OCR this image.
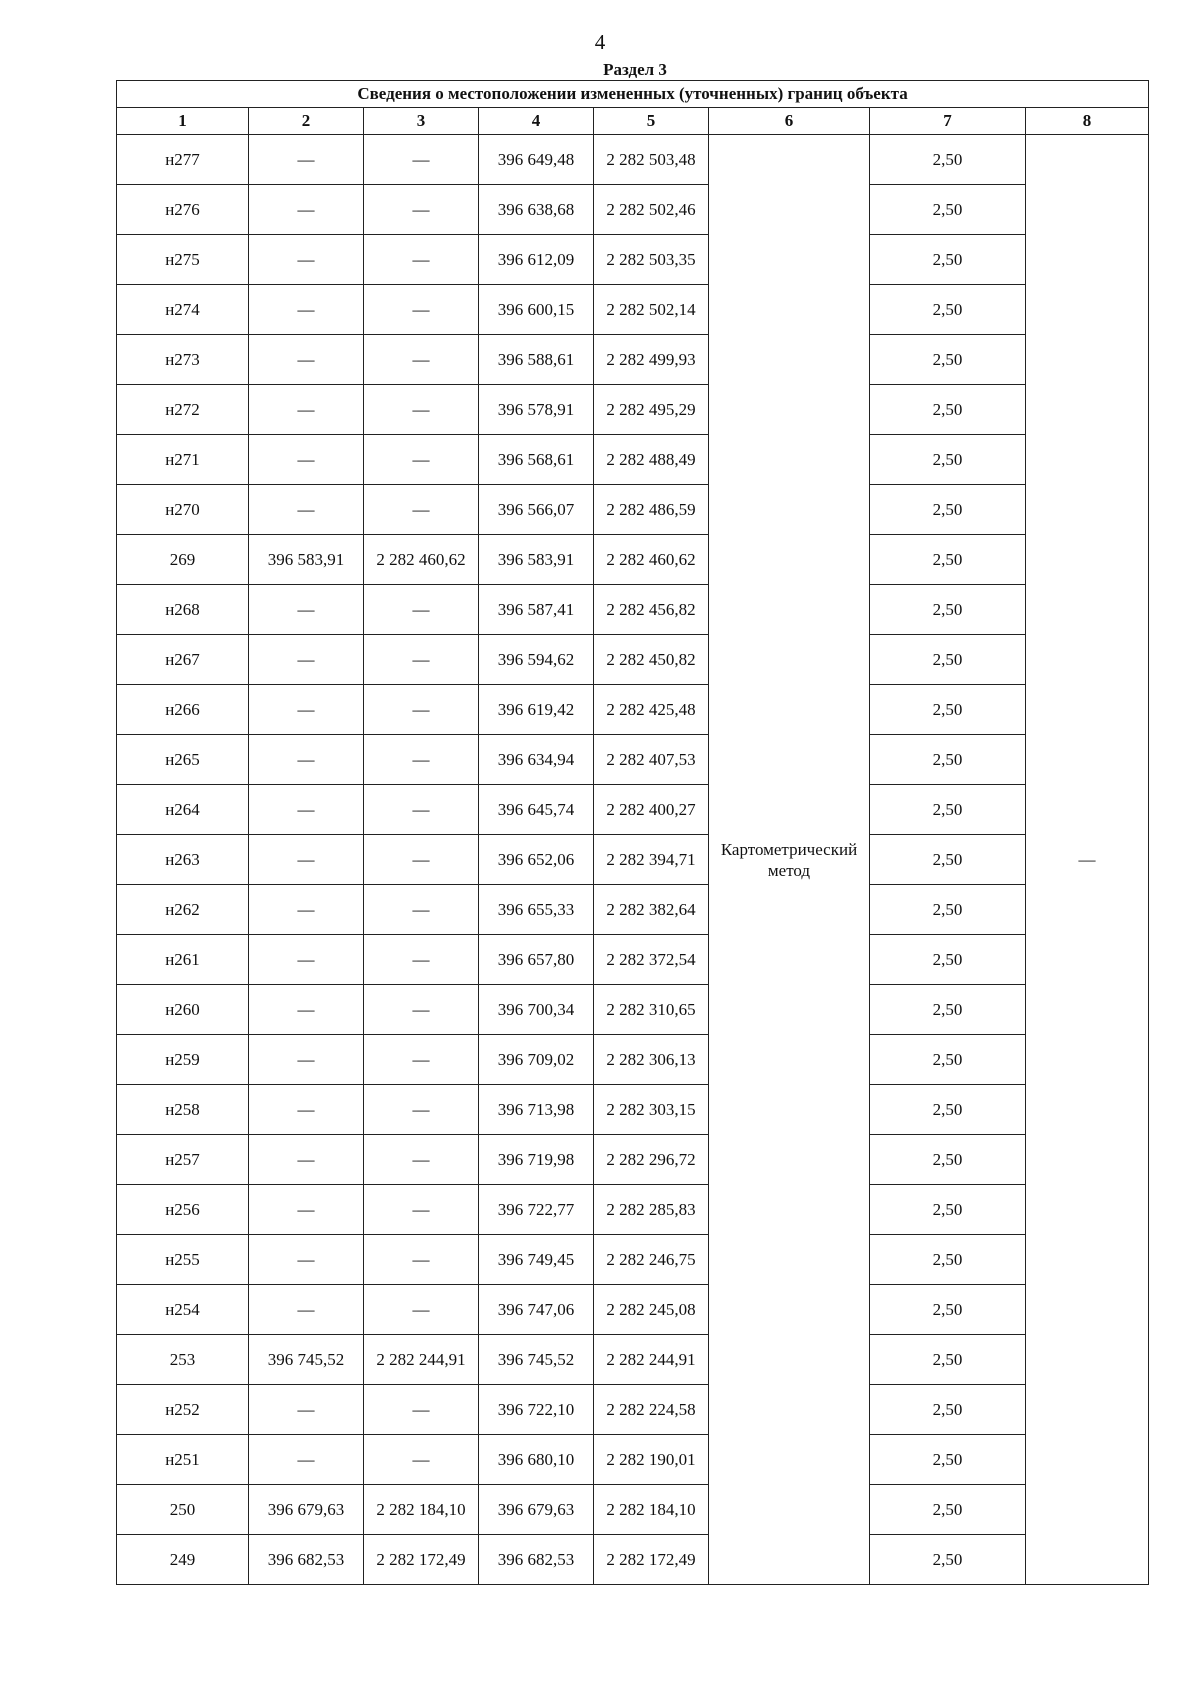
4
Раздел 3
Сведения о местоположении измененных (уточненных) границ объекта							
1	2	3	4	5	6	7	8
н277	—	—	396 649,48	2 282 503,48	Картометрический метод	2,50	—
н276	—	—	396 638,68	2 282 502,46		2,50	
н275	—	—	396 612,09	2 282 503,35		2,50	
н274	—	—	396 600,15	2 282 502,14		2,50	
н273	—	—	396 588,61	2 282 499,93		2,50	
н272	—	—	396 578,91	2 282 495,29		2,50	
н271	—	—	396 568,61	2 282 488,49		2,50	
н270	—	—	396 566,07	2 282 486,59		2,50	
269	396 583,91	2 282 460,62	396 583,91	2 282 460,62		2,50	
н268	—	—	396 587,41	2 282 456,82		2,50	
н267	—	—	396 594,62	2 282 450,82		2,50	
н266	—	—	396 619,42	2 282 425,48		2,50	
н265	—	—	396 634,94	2 282 407,53		2,50	
н264	—	—	396 645,74	2 282 400,27		2,50	
н263	—	—	396 652,06	2 282 394,71		2,50	
н262	—	—	396 655,33	2 282 382,64		2,50	
н261	—	—	396 657,80	2 282 372,54		2,50	
н260	—	—	396 700,34	2 282 310,65		2,50	
н259	—	—	396 709,02	2 282 306,13		2,50	
н258	—	—	396 713,98	2 282 303,15		2,50	
н257	—	—	396 719,98	2 282 296,72		2,50	
н256	—	—	396 722,77	2 282 285,83		2,50	
н255	—	—	396 749,45	2 282 246,75		2,50	
н254	—	—	396 747,06	2 282 245,08		2,50	
253	396 745,52	2 282 244,91	396 745,52	2 282 244,91		2,50	
н252	—	—	396 722,10	2 282 224,58		2,50	
н251	—	—	396 680,10	2 282 190,01		2,50	
250	396 679,63	2 282 184,10	396 679,63	2 282 184,10		2,50	
249	396 682,53	2 282 172,49	396 682,53	2 282 172,49		2,50	
